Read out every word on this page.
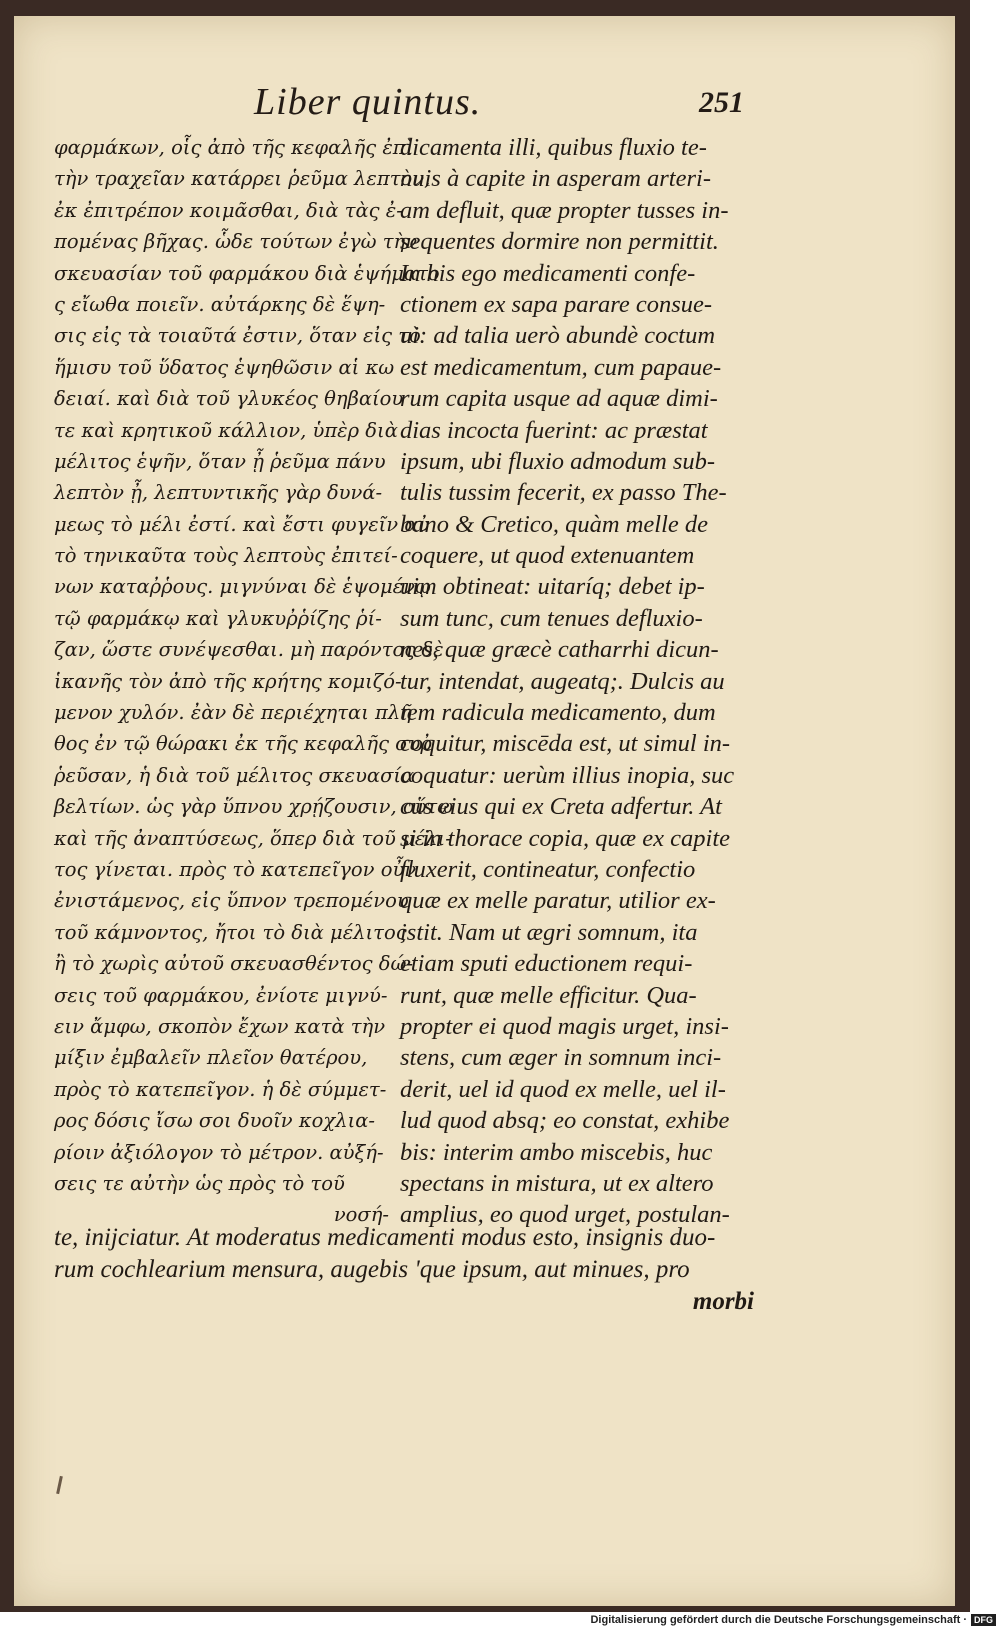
Liber quintus.	251
φαρμάκων, οἷς ἀπὸ τῆς κεφαλῆς ἐπὶ
τὴν τραχεῖαν κατάρρει ῥεῦμα λεπτὸν,
ἐκ ἐπιτρέπον κοιμᾶσθαι, διὰ τὰς ἐ-
πομένας βῆχας. ὧδε τούτων ἐγὼ τὴν
σκευασίαν τοῦ φαρμάκου διὰ ἑψήματο
ς εἴωθα ποιεῖν. αὐτάρκης δὲ ἕψη-
σις εἰς τὰ τοιαῦτά ἐστιν, ὅταν εἰς τὸ
ἥμισυ τοῦ ὕδατος ἑψηθῶσιν αἱ κω
δειαί. καὶ διὰ τοῦ γλυκέος θηβαίου
τε καὶ κρητικοῦ κάλλιον, ὑπὲρ διὰ
μέλιτος ἑψῆν, ὅταν ᾖ ῥεῦμα πάνυ
λεπτὸν ᾖ, λεπτυντικῆς γὰρ δυνά-
μεως τὸ μέλι ἐστί. καὶ ἔστι φυγεῖν αὐ
τὸ τηνικαῦτα τοὺς λεπτοὺς ἐπιτεί-
νων καταῤῥους. μιγνύναι δὲ ἑψομένῳ
τῷ φαρμάκῳ καὶ γλυκυῤῥίζης ῥί-
ζαν, ὥστε συνέψεσθαι. μὴ παρόντος δὲ
ἱκανῆς τὸν ἀπὸ τῆς κρήτης κομιζό-
μενον χυλόν. ἐὰν δὲ περιέχηται πλῆ
θος ἐν τῷ θώρακι ἐκ τῆς κεφαλῆς συῤ
ῥεῦσαν, ἡ διὰ τοῦ μέλιτος σκευασία
βελτίων. ὡς γὰρ ὕπνου χρῄζουσιν, οὕτω
καὶ τῆς ἀναπτύσεως, ὅπερ διὰ τοῦ μέλι-
τος γίνεται. πρὸς τὸ κατεπεῖγον οὖν
ἐνιστάμενος, εἰς ὕπνον τρεπομένου
τοῦ κάμνοντος, ἤτοι τὸ διὰ μέλιτος
ἢ τὸ χωρὶς αὐτοῦ σκευασθέντος δώ-
σεις τοῦ φαρμάκου, ἐνίοτε μιγνύ-
ειν ἄμφω, σκοπὸν ἔχων κατὰ τὴν
μίξιν ἐμβαλεῖν πλεῖον θατέρου,
πρὸς τὸ κατεπεῖγον. ἡ δὲ σύμμετ-
ρος δόσις ἴσω σοι δυοῖν κοχλια-
ρίοιν ἀξιόλογον τὸ μέτρον. αὐξή-
σεις τε αὐτὴν ὡς πρὸς τὸ τοῦ
νοσή-
dicamenta illi, quibus fluxio te-
nuis à capite in asperam arteri-
am defluit, quæ propter tusses in-
sequentes dormire non permittit.
In his ego medicamenti confe-
ctionem ex sapa parare consue-
ui: ad talia uerò abundè coctum
est medicamentum, cum papaue-
rum capita usque ad aquæ dimi-
dias incocta fuerint: ac præstat
ipsum, ubi fluxio admodum sub-
tulis tussim fecerit, ex passo The-
bano & Cretico, quàm melle de
coquere, ut quod extenuantem
uim obtineat: uitaríq; debet ip-
sum tunc, cum tenues defluxio-
nes, quæ græcè catharrhi dicun-
tur, intendat, augeatq;. Dulcis au
tem radicula medicamento, dum
coquitur, miscēda est, ut simul in-
coquatur: uerùm illius inopia, suc
cus eius qui ex Creta adfertur. At
si in thorace copia, quæ ex capite
fluxerit, contineatur, confectio
quæ ex melle paratur, utilior ex-
istit. Nam ut ægri somnum, ita
etiam sputi eductionem requi-
runt, quæ melle efficitur. Qua-
propter ei quod magis urget, insi-
stens, cum æger in somnum inci-
derit, uel id quod ex melle, uel il-
lud quod absq; eo constat, exhibe
bis: interim ambo miscebis, huc
spectans in mistura, ut ex altero
amplius, eo quod urget, postulan-
te, inijciatur. At moderatus medicamenti modus esto, insignis duo-
rum cochlearium mensura, augebis 'que ipsum, aut minues, pro
morbi
Digitalisierung gefördert durch die Deutsche Forschungsgemeinschaft · DFG
